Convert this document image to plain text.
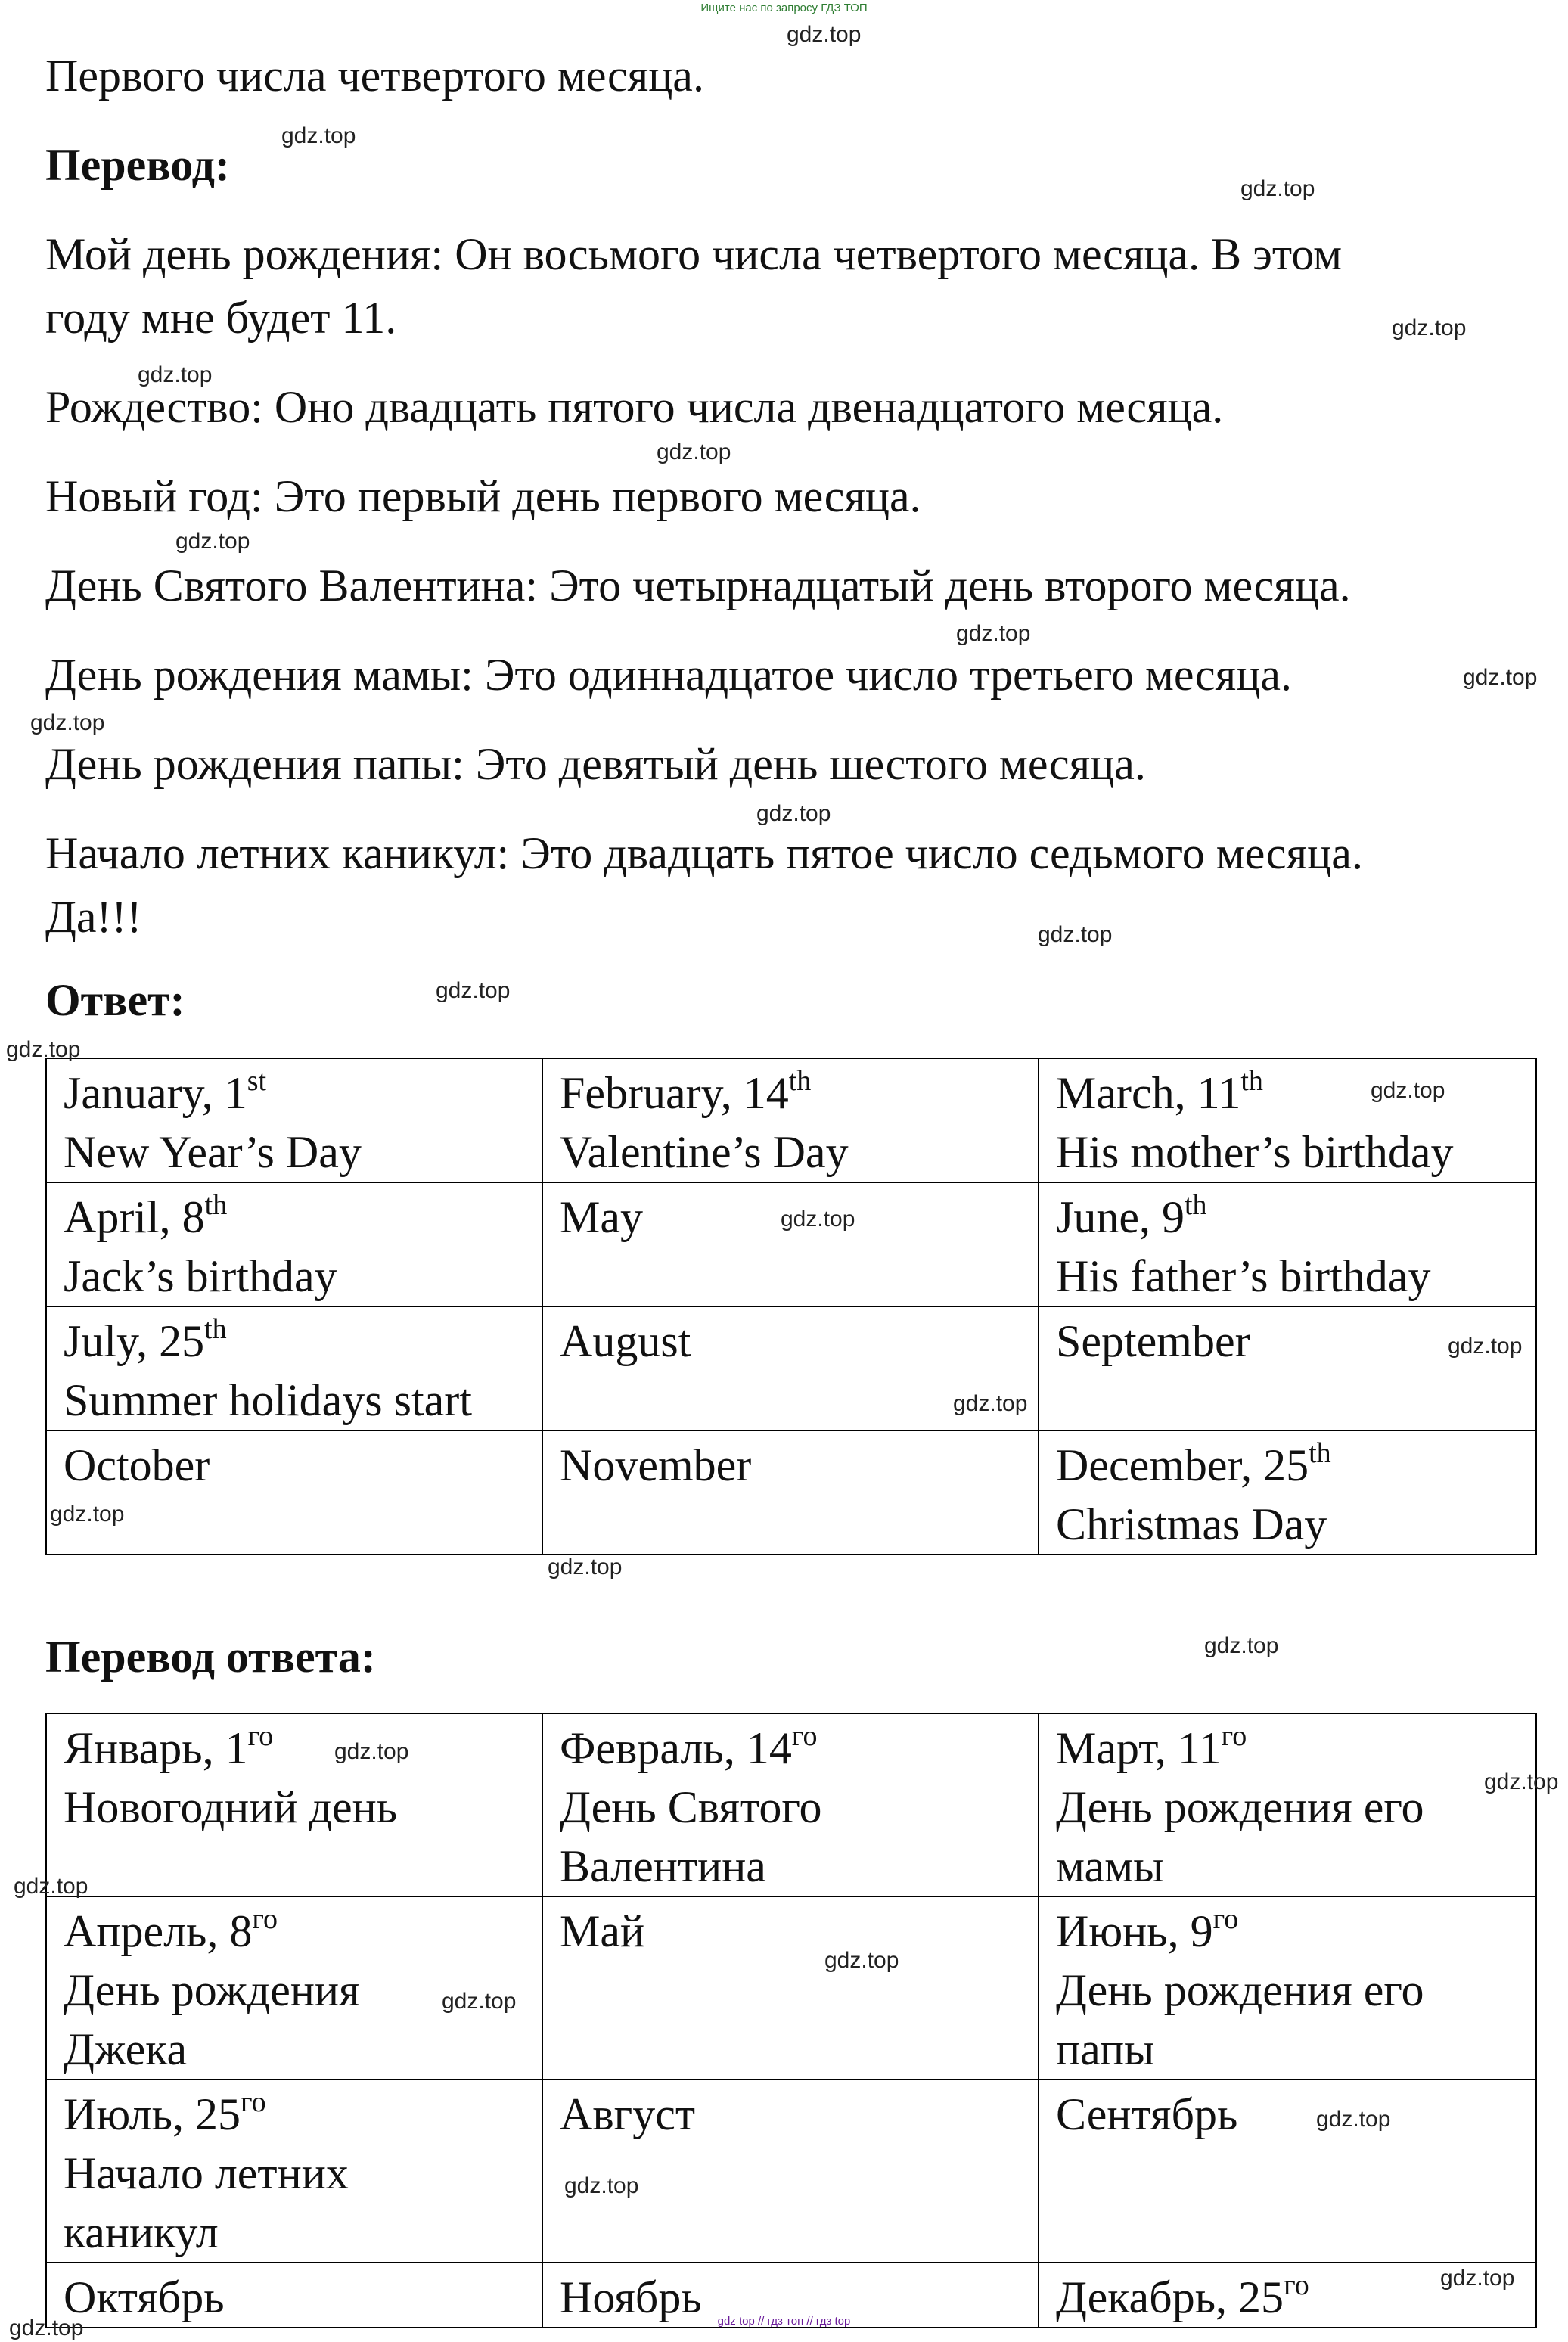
Ищите нас по запросу ГДЗ ТОП

Первого числа четвертого месяца.

Перевод:

Мой день рождения: Он восьмого числа четвертого месяца. В этом

году мне будет 11.

Рождество: Оно двадцать пятого числа двенадцатого месяца.

Новый год: Это первый день первого месяца.

День Святого Валентина: Это четырнадцатый день второго месяца.

День рождения мамы: Это одиннадцатое число третьего месяца.

День рождения папы: Это девятый день шестого месяца.

Начало летних каникул: Это двадцать пятое число седьмого месяца.

Да!!!

Ответ:

January, 1st
New Year’s Day	February, 14th
Valentine’s Day	March, 11th
His mother’s birthday

April, 8th
Jack’s birthday	May	June, 9th
His father’s birthday

July, 25th
Summer holidays start	August	September

October	November	December, 25th
Christmas Day

Перевод ответа:

Январь, $1^{го}$
Новогодний день	Февраль, $14^{го}$
День Святого
Валентина	Март, $11^{го}$
День рождения его
мамы

Апрель, $8^{го}$
День рождения
Джека	Май	Июнь, $9^{го}$
День рождения его
папы

Июль, $25^{го}$
Начало летних
каникул	Август	Сентябрь

Октябрь	Ноябрь	Декабрь, $25^{го}$
gdz.top
gdz.top
gdz.top
gdz.top
gdz.top
gdz.top
gdz.top
gdz.top
gdz.top
gdz.top
gdz.top
gdz.top
gdz.top
gdz.top
gdz.top
gdz.top
gdz.top
gdz.top
gdz.top
gdz.top
gdz.top
gdz.top
gdz.top
gdz.top
gdz.top
gdz.top
gdz.top
gdz.top
gdz.top
gdz.top	gdz top // гдз топ // гдз top
